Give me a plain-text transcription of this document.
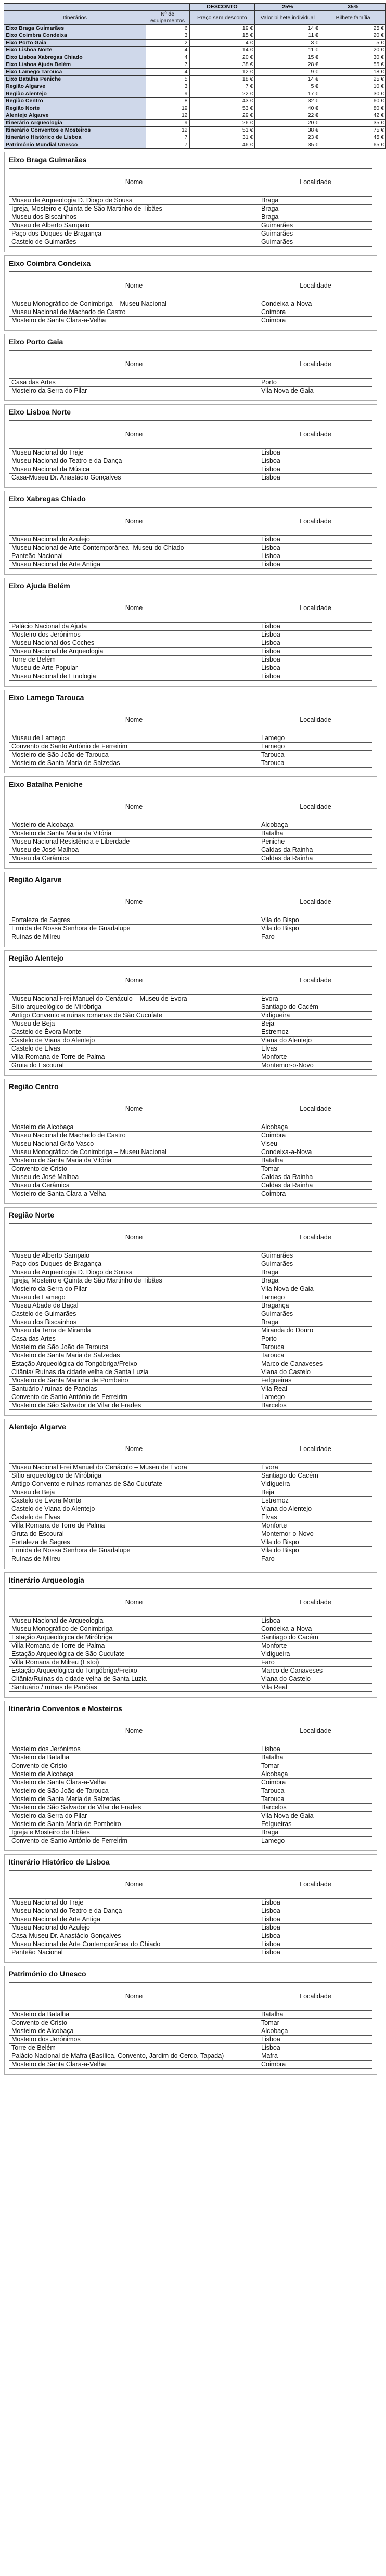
		DESCONTO	25%	35%
Itinerários	Nº de equipamentos	Preço sem desconto	Valor bilhete individual	Bilhete família
Eixo Braga Guimarães	6	19 €	14 €	25 €
Eixo Coimbra Condeixa	3	15 €	11 €	20 €
Eixo Porto Gaia	2	4 €	3 €	5 €
Eixo Lisboa Norte	4	14 €	11 €	20 €
Eixo Lisboa Xabregas Chiado	4	20 €	15 €	30 €
Eixo Lisboa Ajuda Belém	7	38 €	28 €	55 €
Eixo Lamego Tarouca	4	12 €	9 €	18 €
Eixo Batalha Peniche	5	18 €	14 €	25 €
Região Algarve	3	7 €	5 €	10 €
Região Alentejo	9	22 €	17 €	30 €
Região Centro	8	43 €	32 €	60 €
Região Norte	19	53 €	40 €	80 €
Alentejo Algarve	12	29 €	22 €	42 €
Itinerário Arqueologia	9	26 €	20 €	35 €
Itinerário Conventos e Mosteiros	12	51 €	38 €	75 €
Itinerário Histórico de Lisboa	7	31 €	23 €	45 €
Património Mundial Unesco	7	46 €	35 €	65 €
Eixo Braga Guimarães
Nome	Localidade
Museu de Arqueologia D. Diogo de Sousa	Braga
Igreja, Mosteiro e Quinta de São Martinho de Tibães	Braga
Museu dos Biscainhos	Braga
Museu de Alberto Sampaio	Guimarães
Paço dos Duques de Bragança	Guimarães
Castelo de Guimarães	Guimarães
Eixo Coimbra Condeixa
Nome	Localidade
Museu Monográfico de Conimbriga – Museu Nacional	Condeixa-a-Nova
Museu Nacional de Machado de Castro	Coimbra
Mosteiro de Santa Clara-a-Velha	Coimbra
Eixo Porto Gaia
Nome	Localidade
Casa das Artes	Porto
Mosteiro da Serra do Pilar	Vila Nova de Gaia
Eixo Lisboa Norte
Nome	Localidade
Museu Nacional do Traje	Lisboa
Museu Nacional do Teatro e da Dança	Lisboa
Museu Nacional da Música	Lisboa
Casa-Museu Dr. Anastácio Gonçalves	Lisboa
Eixo Xabregas Chiado
Nome	Localidade
Museu Nacional do Azulejo	Lisboa
Museu Nacional de Arte Contemporânea- Museu do Chiado	Lisboa
Panteão Nacional	Lisboa
Museu Nacional de Arte Antiga	Lisboa
Eixo Ajuda Belém
Nome	Localidade
Palácio Nacional da Ajuda	Lisboa
Mosteiro dos Jerónimos	Lisboa
Museu Nacional dos Coches	Lisboa
Museu Nacional de Arqueologia	Lisboa
Torre de Belém	Lisboa
Museu de Arte Popular	Lisboa
Museu Nacional de Etnologia	Lisboa
Eixo Lamego Tarouca
Nome	Localidade
Museu de Lamego	Lamego
Convento de Santo António de Ferreirim	Lamego
Mosteiro de São João de Tarouca	Tarouca
Mosteiro de Santa Maria de Salzedas	Tarouca
Eixo Batalha Peniche
Nome	Localidade
Mosteiro de Alcobaça	Alcobaça
Mosteiro de Santa Maria da Vitória	Batalha
Museu Nacional Resistência e Liberdade	Peniche
Museu de José Malhoa	Caldas da Rainha
Museu da Cerâmica	Caldas da Rainha
Região Algarve
Nome	Localidade
Fortaleza de Sagres	Vila do Bispo
Ermida de Nossa Senhora de Guadalupe	Vila do Bispo
Ruínas de Milreu	Faro
Região Alentejo
Nome	Localidade
Museu Nacional Frei Manuel do Cenáculo – Museu de Évora	Évora
Sítio arqueológico de Miróbriga	Santiago do Cacém
Antigo Convento e ruínas romanas de São Cucufate	Vidigueira
Museu de Beja	Beja
Castelo de Évora Monte	Estremoz
Castelo de Viana do Alentejo	Viana do Alentejo
Castelo de Elvas	Elvas
Villa Romana de Torre de Palma	Monforte
Gruta do Escoural	Montemor-o-Novo
Região Centro
Nome	Localidade
Mosteiro de Alcobaça	Alcobaça
Museu Nacional de Machado de Castro	Coimbra
Museu Nacional Grão Vasco	Viseu
Museu Monográfico de Conimbriga – Museu Nacional	Condeixa-a-Nova
Mosteiro de Santa Maria da Vitória	Batalha
Convento de Cristo	Tomar
Museu de José Malhoa	Caldas da Rainha
Museu da Cerâmica	Caldas da Rainha
Mosteiro de Santa Clara-a-Velha	Coimbra
Região Norte
Nome	Localidade
Museu de Alberto Sampaio	Guimarães
Paço dos Duques de Bragança	Guimarães
Museu de Arqueologia D. Diogo de Sousa	Braga
Igreja, Mosteiro e Quinta de São Martinho de Tibães	Braga
Mosteiro da Serra do Pilar	Vila Nova de Gaia
Museu de Lamego	Lamego
Museu Abade de Baçal	Bragança
Castelo de Guimarães	Guimarães
Museu dos Biscainhos	Braga
Museu da Terra de Miranda	Miranda do Douro
Casa das Artes	Porto
Mosteiro de São João de Tarouca	Tarouca
Mosteiro de Santa Maria de Salzedas	Tarouca
Estação Arqueológica do Tongóbriga/Freixo	Marco de Canaveses
Citânia/ Ruínas da cidade velha de Santa Luzia	Viana do Castelo
Mosteiro de Santa Marinha de Pombeiro	Felgueiras
Santuário / ruínas de Panóias	Vila Real
Convento de Santo António de Ferreirim	Lamego
Mosteiro de São Salvador de Vilar de Frades	Barcelos
Alentejo Algarve
Nome	Localidade
Museu Nacional Frei Manuel do Cenáculo – Museu de Évora	Évora
Sítio arqueológico de Miróbriga	Santiago do Cacém
Antigo Convento e ruínas romanas de São Cucufate	Vidigueira
Museu de Beja	Beja
Castelo de Évora Monte	Estremoz
Castelo de Viana do Alentejo	Viana do Alentejo
Castelo de Elvas	Elvas
Villa Romana de Torre de Palma	Monforte
Gruta do Escoural	Montemor-o-Novo
Fortaleza de Sagres	Vila do Bispo
Ermida de Nossa Senhora de Guadalupe	Vila do Bispo
Ruínas de Milreu	Faro
Itinerário Arqueologia
Nome	Localidade
Museu Nacional de Arqueologia	Lisboa
Museu Monográfico de Conimbriga	Condeixa-a-Nova
Estação Arqueológica de Miróbriga	Santiago do Cacém
Villa Romana de Torre de Palma	Monforte
Estação Arqueológica de São Cucufate	Vidigueira
Villa Romana de Milreu (Estoi)	Faro
Estação Arqueológica do Tongóbriga/Freixo	Marco de Canaveses
Citânia/Ruínas da cidade velha de Santa Luzia	Viana do Castelo
Santuário / ruínas de Panóias	Vila Real
Itinerário Conventos e Mosteiros
Nome	Localidade
Mosteiro dos Jerónimos	Lisboa
Mosteiro da Batalha	Batalha
Convento de Cristo	Tomar
Mosteiro de Alcobaça	Alcobaça
Mosteiro de Santa Clara-a-Velha	Coimbra
Mosteiro de São João de Tarouca	Tarouca
Mosteiro de Santa Maria de Salzedas	Tarouca
Mosteiro de São Salvador de Vilar de Frades	Barcelos
Mosteiro da Serra do Pilar	Vila Nova de Gaia
Mosteiro de Santa Maria de Pombeiro	Felgueiras
Igreja e Mosteiro de Tibães	Braga
Convento de Santo António de Ferreirim	Lamego
Itinerário Histórico de Lisboa
Nome	Localidade
Museu Nacional do Traje	Lisboa
Museu Nacional do Teatro e da Dança	Lisboa
Museu Nacional de Arte Antiga	Lisboa
Museu Nacional do Azulejo	Lisboa
Casa-Museu Dr. Anastácio Gonçalves	Lisboa
Museu Nacional de Arte Contemporânea do Chiado	Lisboa
Panteão Nacional	Lisboa
Património do Unesco
Nome	Localidade
Mosteiro da Batalha	Batalha
Convento de Cristo	Tomar
Mosteiro de Alcobaça	Alcobaça
Mosteiro dos Jerónimos	Lisboa
Torre de Belém	Lisboa
Palácio Nacional de Mafra (Basílica, Convento, Jardim do Cerco, Tapada)	Mafra
Mosteiro de Santa Clara-a-Velha	Coimbra
